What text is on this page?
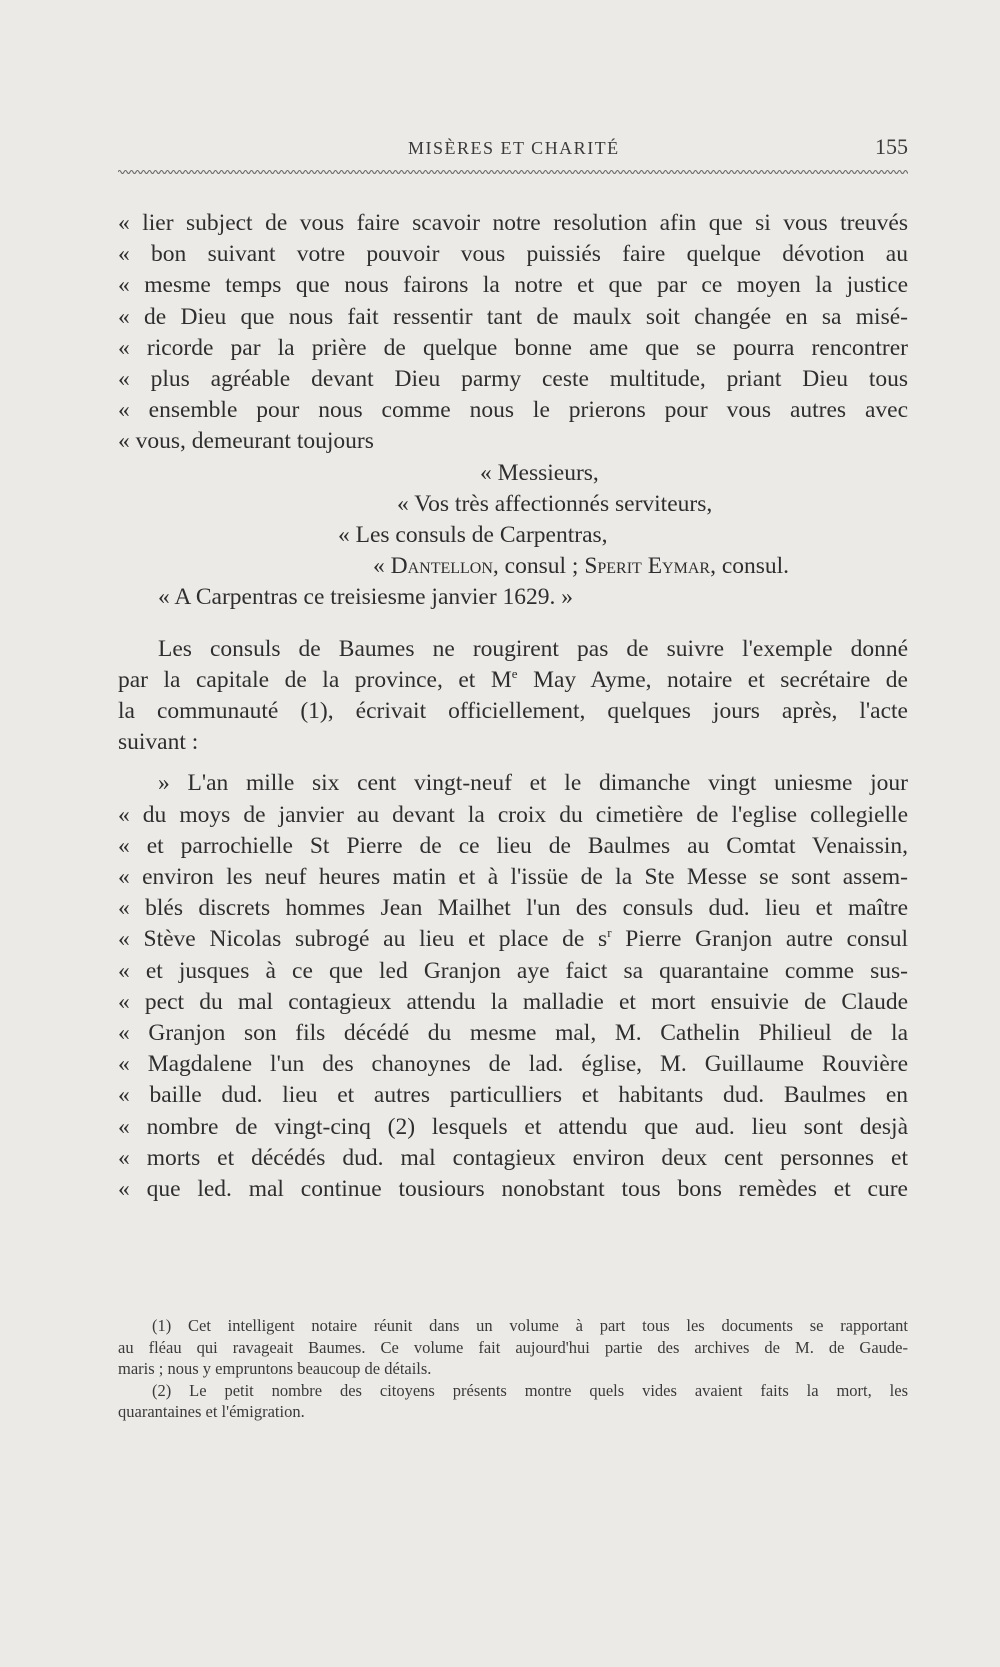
MISÈRES ET CHARITÉ	155
« lier subject de vous faire scavoir notre resolution afin que si vous treuvés
« bon suivant votre pouvoir vous puissiés faire quelque dévotion au
« mesme temps que nous fairons la notre et que par ce moyen la justice
« de Dieu que nous fait ressentir tant de maulx soit changée en sa misé-
« ricorde par la prière de quelque bonne ame que se pourra rencontrer
« plus agréable devant Dieu parmy ceste multitude, priant Dieu tous
« ensemble pour nous comme nous le prierons pour vous autres avec
« vous, demeurant toujours
« Messieurs,
« Vos très affectionnés serviteurs,
« Les consuls de Carpentras,
« Dantellon, consul ; Sperit Eymar, consul.
« A Carpentras ce treisiesme janvier 1629. »
Les consuls de Baumes ne rougirent pas de suivre l'exemple donné
par la capitale de la province, et Me May Ayme, notaire et secrétaire de
la communauté (1), écrivait officiellement, quelques jours après, l'acte
suivant :
» L'an mille six cent vingt-neuf et le dimanche vingt uniesme jour
« du moys de janvier au devant la croix du cimetière de l'eglise collegielle
« et parrochielle St Pierre de ce lieu de Baulmes au Comtat Venaissin,
« environ les neuf heures matin et à l'issüe de la Ste Messe se sont assem-
« blés discrets hommes Jean Mailhet l'un des consuls dud. lieu et maître
« Stève Nicolas subrogé au lieu et place de $s^r$ Pierre Granjon autre consul
« et jusques à ce que led Granjon aye faict sa quarantaine comme sus-
« pect du mal contagieux attendu la malladie et mort ensuivie de Claude
« Granjon son fils décédé du mesme mal, M. Cathelin Philieul de la
« Magdalene l'un des chanoynes de lad. église, M. Guillaume Rouvière
« baille dud. lieu et autres particulliers et habitants dud. Baulmes en
« nombre de vingt-cinq (2) lesquels et attendu que aud. lieu sont desjà
« morts et décédés dud. mal contagieux environ deux cent personnes et
« que led. mal continue tousiours nonobstant tous bons remèdes et cure
(1) Cet intelligent notaire réunit dans un volume à part tous les documents se rapportant
au fléau qui ravageait Baumes. Ce volume fait aujourd'hui partie des archives de M. de Gaude-
maris ; nous y empruntons beaucoup de détails.
(2) Le petit nombre des citoyens présents montre quels vides avaient faits la mort, les
quarantaines et l'émigration.
